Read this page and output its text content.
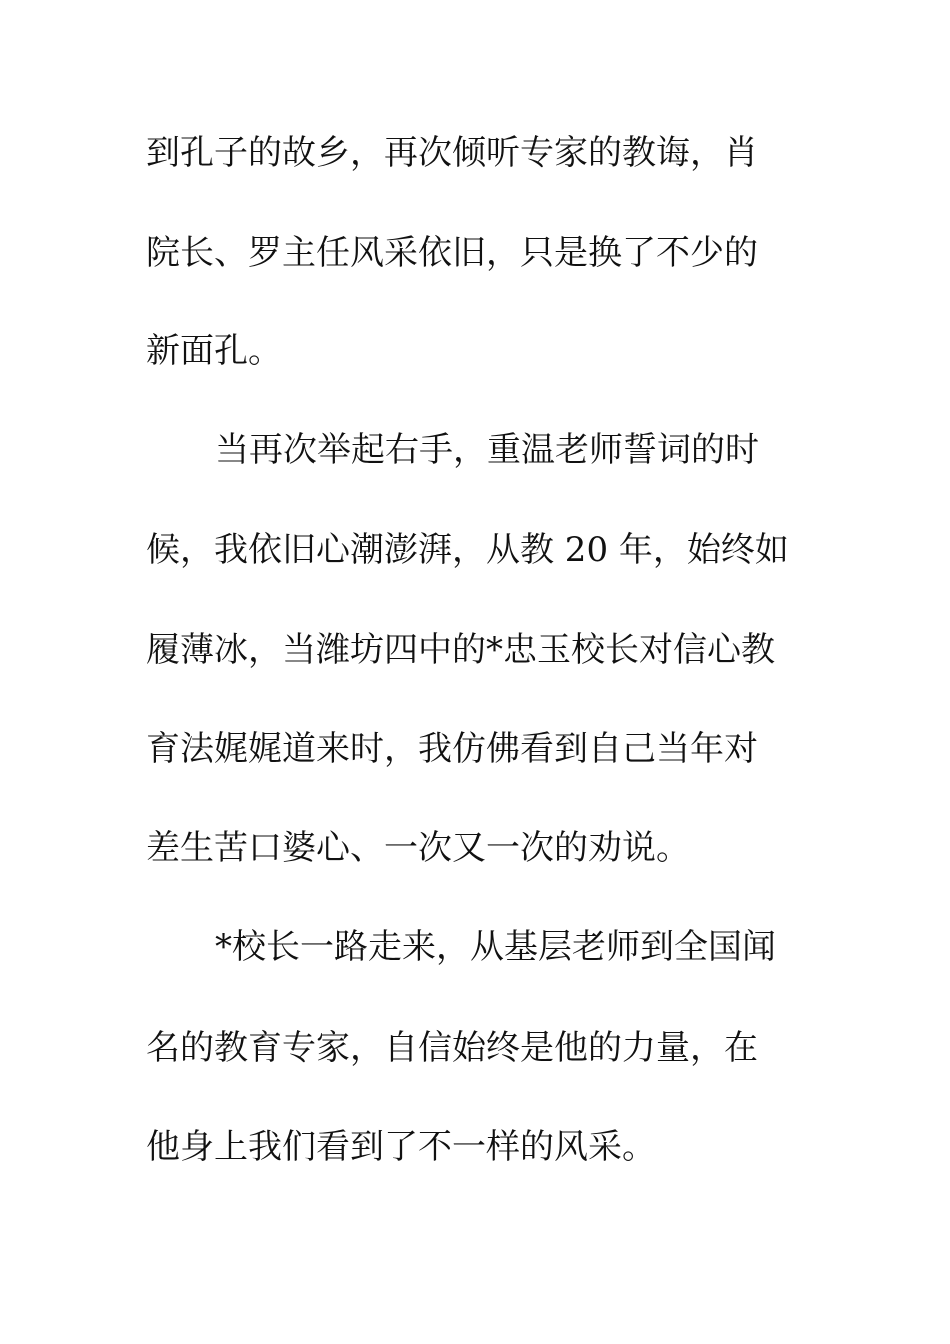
到孔子的故乡，再次倾听专家的教诲，肖
院长、罗主任风采依旧，只是换了不少的
新面孔。
当再次举起右手，重温老师誓词的时
候，我依旧心潮澎湃，从教 20 年，始终如
履薄冰，当潍坊四中的*忠玉校长对信心教
育法娓娓道来时，我仿佛看到自己当年对
差生苦口婆心、一次又一次的劝说。
*校长一路走来，从基层老师到全国闻
名的教育专家，自信始终是他的力量，在
他身上我们看到了不一样的风采。
